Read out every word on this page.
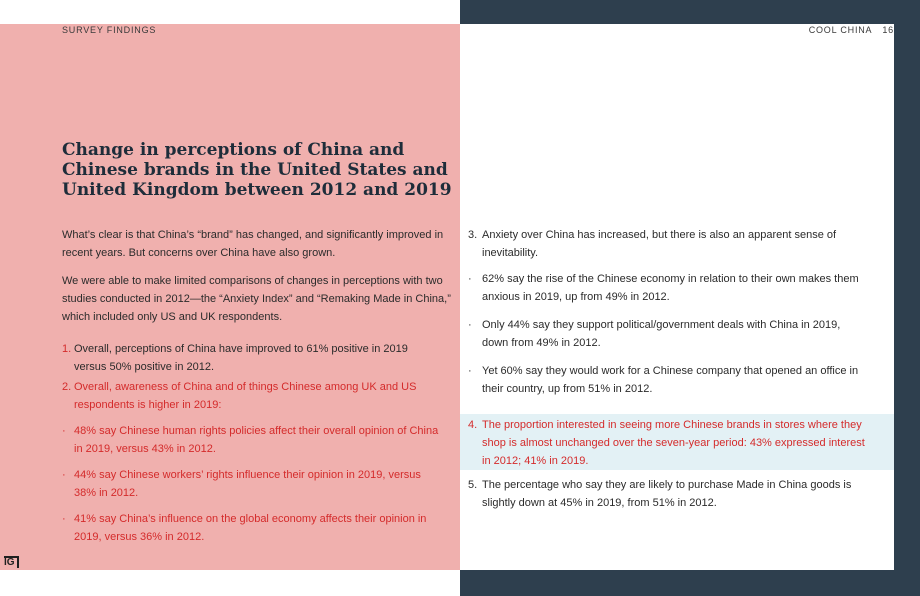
SURVEY FINDINGS	COOL CHINA 16
Change in perceptions of China and Chinese brands in the United States and United Kingdom between 2012 and 2019

What’s clear is that China’s “brand” has changed, and significantly improved in recent years. But concerns over China have also grown.

We were able to make limited comparisons of changes in perceptions with two studies conducted in 2012—the “Anxiety Index” and “Remaking Made in China,” which included only US and UK respondents.

1. Overall, perceptions of China have improved to 61% positive in 2019 versus 50% positive in 2012.
2. Overall, awareness of China and of things Chinese among UK and US respondents is higher in 2019:
· 48% say Chinese human rights policies affect their overall opinion of China in 2019, versus 43% in 2012.
· 44% say Chinese workers’ rights influence their opinion in 2019, versus 38% in 2012.
· 41% say China’s influence on the global economy affects their opinion in 2019, versus 36% in 2012.
IG
3. Anxiety over China has increased, but there is also an apparent sense of inevitability.
· 62% say the rise of the Chinese economy in relation to their own makes them anxious in 2019, up from 49% in 2012.
· Only 44% say they support political/government deals with China in 2019, down from 49% in 2012.
· Yet 60% say they would work for a Chinese company that opened an office in their country, up from 51% in 2012.
4. The proportion interested in seeing more Chinese brands in stores where they shop is almost unchanged over the seven-year period: 43% expressed interest in 2012; 41% in 2019.
5. The percentage who say they are likely to purchase Made in China goods is slightly down at 45% in 2019, from 51% in 2012.
